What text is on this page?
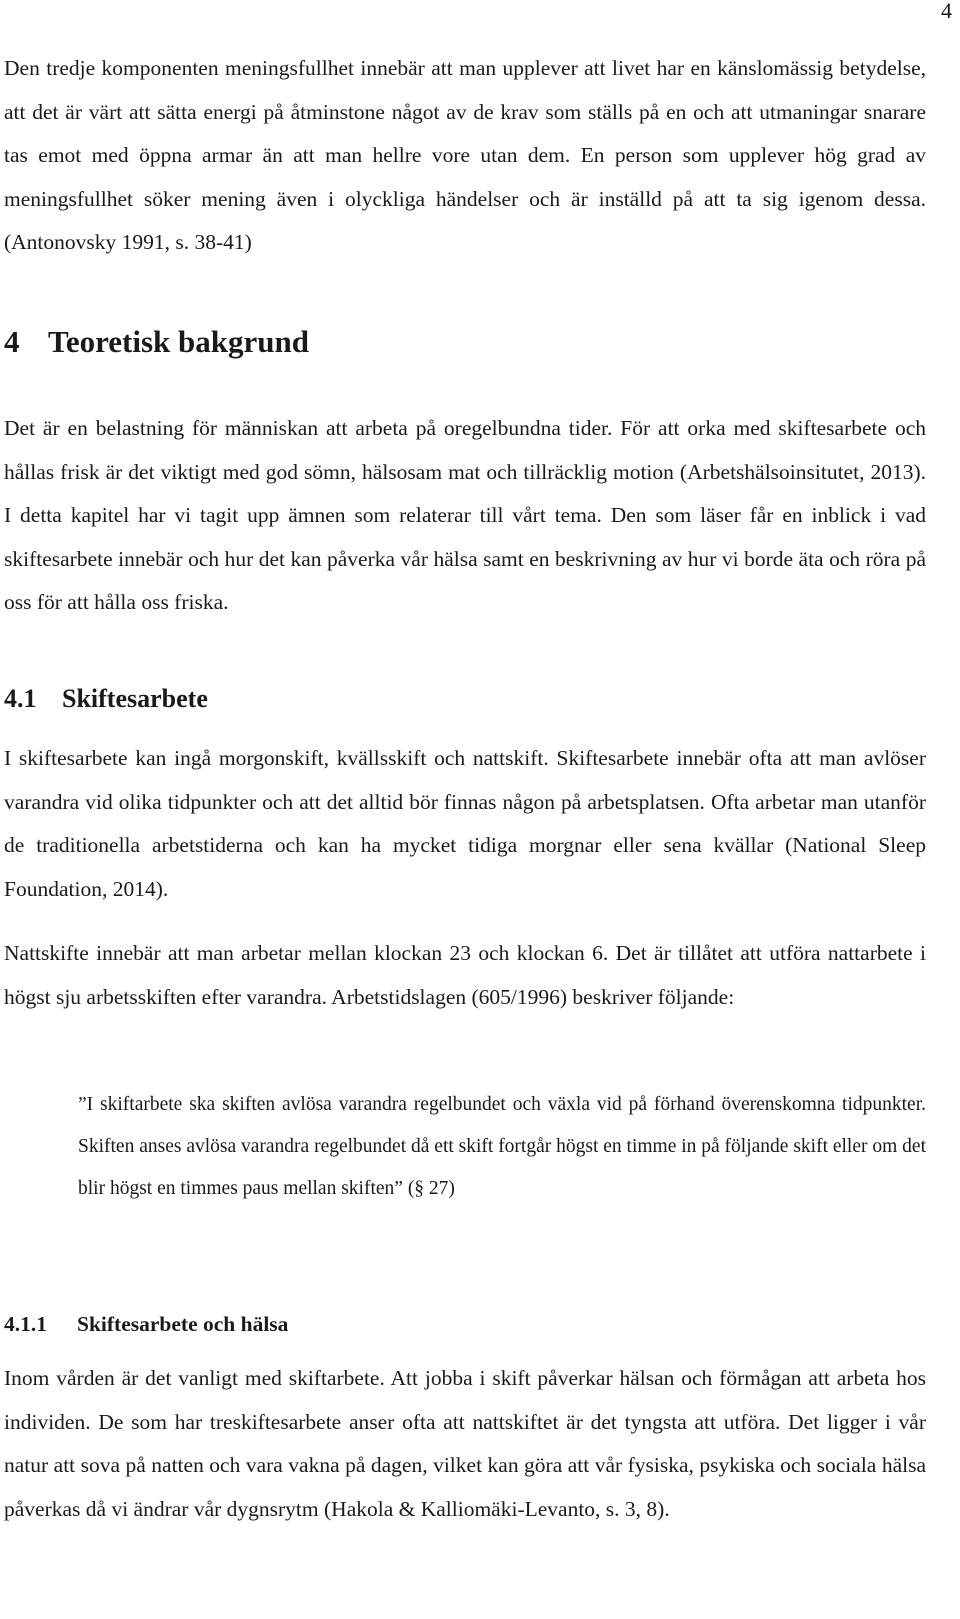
4

Den tredje komponenten meningsfullhet innebär att man upplever att livet har en känslomässig betydelse, att det är värt att sätta energi på åtminstone något av de krav som ställs på en och att utmaningar snarare tas emot med öppna armar än att man hellre vore utan dem. En person som upplever hög grad av meningsfullhet söker mening även i olyckliga händelser och är inställd på att ta sig igenom dessa. (Antonovsky 1991, s. 38-41)

4 Teoretisk bakgrund

Det är en belastning för människan att arbeta på oregelbundna tider. För att orka med skiftesarbete och hållas frisk är det viktigt med god sömn, hälsosam mat och tillräcklig motion (Arbetshälsoinsitutet, 2013). I detta kapitel har vi tagit upp ämnen som relaterar till vårt tema. Den som läser får en inblick i vad skiftesarbete innebär och hur det kan påverka vår hälsa samt en beskrivning av hur vi borde äta och röra på oss för att hålla oss friska.

4.1 Skiftesarbete

I skiftesarbete kan ingå morgonskift, kvällsskift och nattskift. Skiftesarbete innebär ofta att man avlöser varandra vid olika tidpunkter och att det alltid bör finnas någon på arbetsplatsen. Ofta arbetar man utanför de traditionella arbetstiderna och kan ha mycket tidiga morgnar eller sena kvällar (National Sleep Foundation, 2014).

Nattskifte innebär att man arbetar mellan klockan 23 och klockan 6. Det är tillåtet att utföra nattarbete i högst sju arbetsskiften efter varandra. Arbetstidslagen (605/1996) beskriver följande:

”I skiftarbete ska skiften avlösa varandra regelbundet och växla vid på förhand överenskomna tidpunkter. Skiften anses avlösa varandra regelbundet då ett skift fortgår högst en timme in på följande skift eller om det blir högst en timmes paus mellan skiften” (§ 27)

4.1.1 Skiftesarbete och hälsa

Inom vården är det vanligt med skiftarbete. Att jobba i skift påverkar hälsan och förmågan att arbeta hos individen. De som har treskiftesarbete anser ofta att nattskiftet är det tyngsta att utföra. Det ligger i vår natur att sova på natten och vara vakna på dagen, vilket kan göra att vår fysiska, psykiska och sociala hälsa påverkas då vi ändrar vår dygnsrytm (Hakola & Kalliomäki-Levanto, s. 3, 8).
